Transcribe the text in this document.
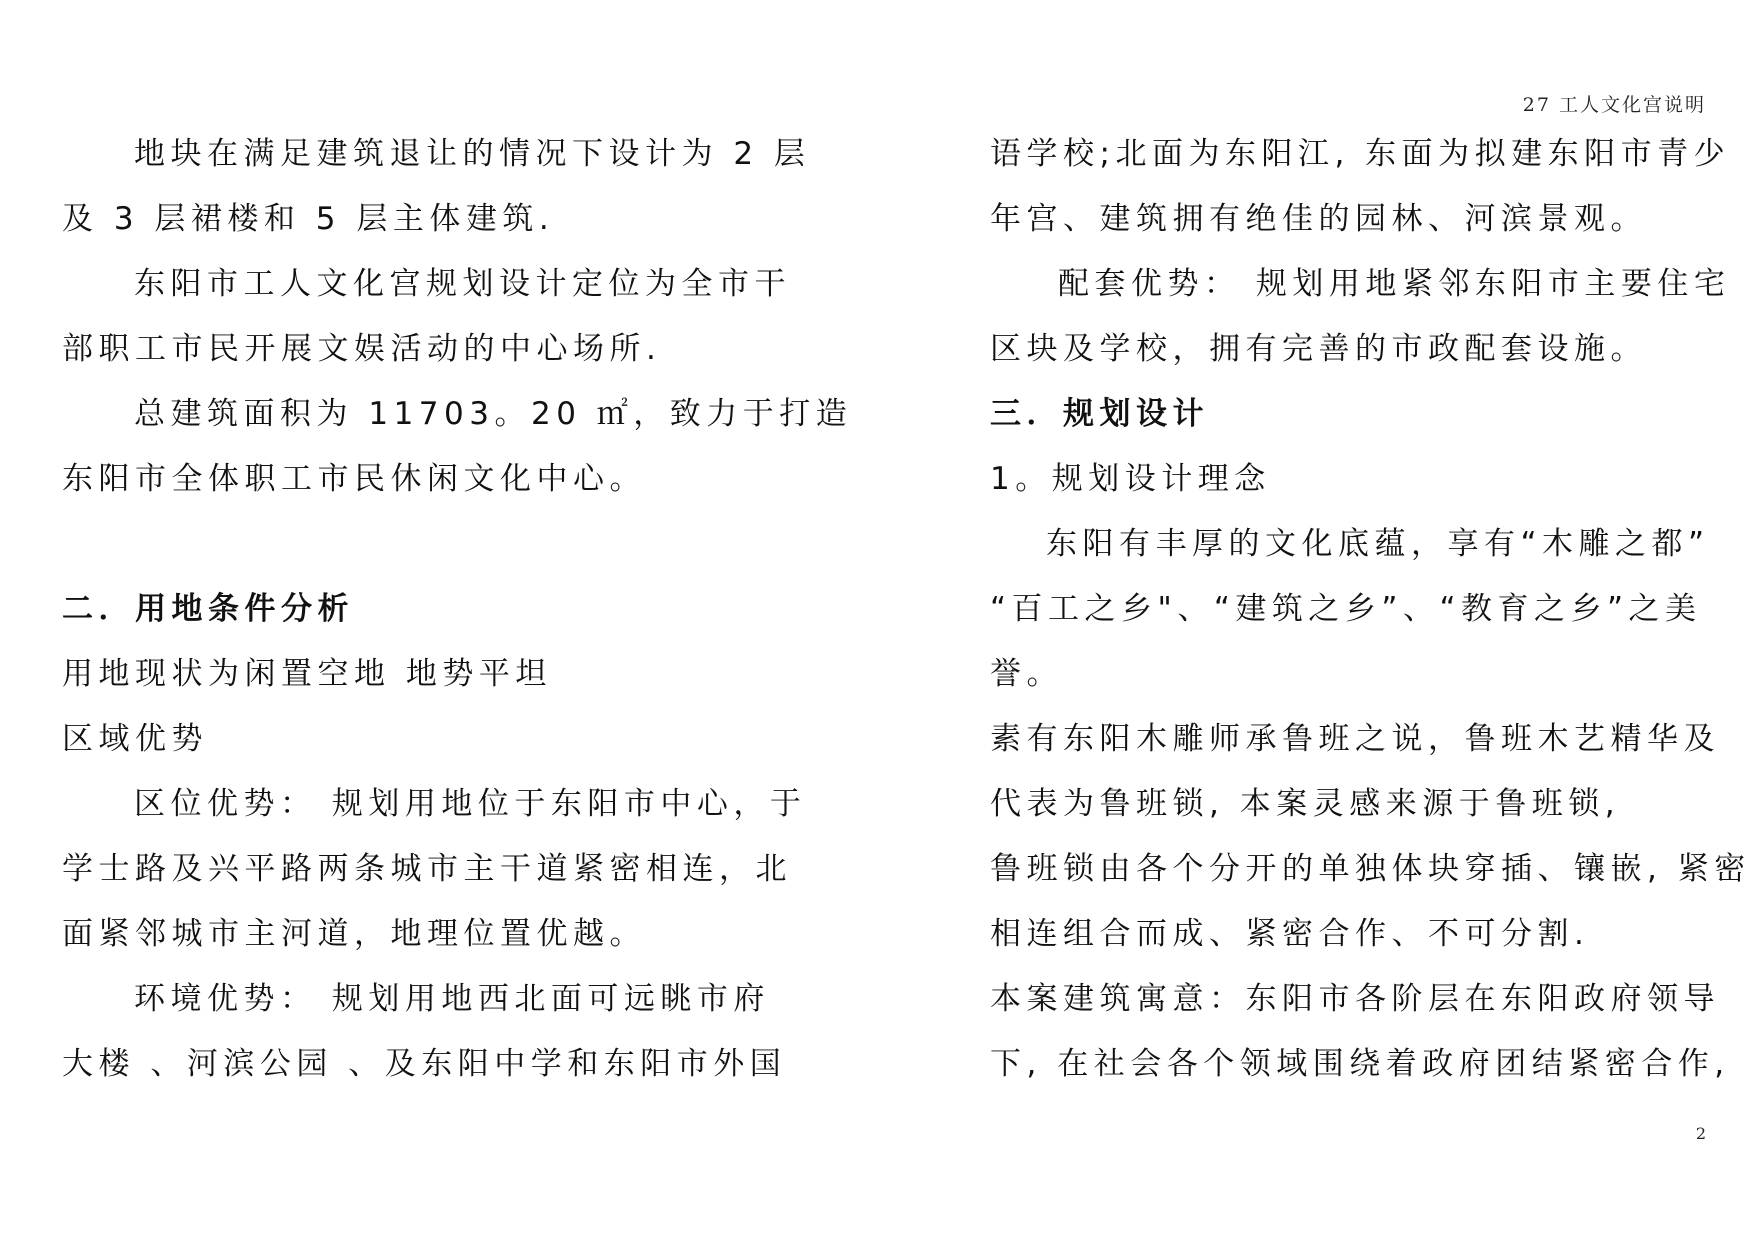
27 工人文化宫说明
地块在满足建筑退让的情况下设计为 2 层
及 3 层裙楼和 5 层主体建筑.
东阳市工人文化宫规划设计定位为全市干
部职工市民开展文娱活动的中心场所.
总建筑面积为 11703。20 ㎡，致力于打造
东阳市全体职工市民休闲文化中心。
二．用地条件分析
用地现状为闲置空地 地势平坦
区域优势
区位优势： 规划用地位于东阳市中心，于
学士路及兴平路两条城市主干道紧密相连，北
面紧邻城市主河道，地理位置优越。
环境优势： 规划用地西北面可远眺市府
大楼 、河滨公园 、及东阳中学和东阳市外国
语学校;北面为东阳江, 东面为拟建东阳市青少
年宫、建筑拥有绝佳的园林、河滨景观。
配套优势： 规划用地紧邻东阳市主要住宅
区块及学校，拥有完善的市政配套设施。
三．规划设计
1。规划设计理念
东阳有丰厚的文化底蕴，享有“木雕之都”
“百工之乡"、“建筑之乡”、“教育之乡”之美
誉。
素有东阳木雕师承鲁班之说，鲁班木艺精华及
代表为鲁班锁, 本案灵感来源于鲁班锁,
鲁班锁由各个分开的单独体块穿插、镶嵌, 紧密
相连组合而成、紧密合作、不可分割.
本案建筑寓意：东阳市各阶层在东阳政府领导
下, 在社会各个领域围绕着政府团结紧密合作,
2
